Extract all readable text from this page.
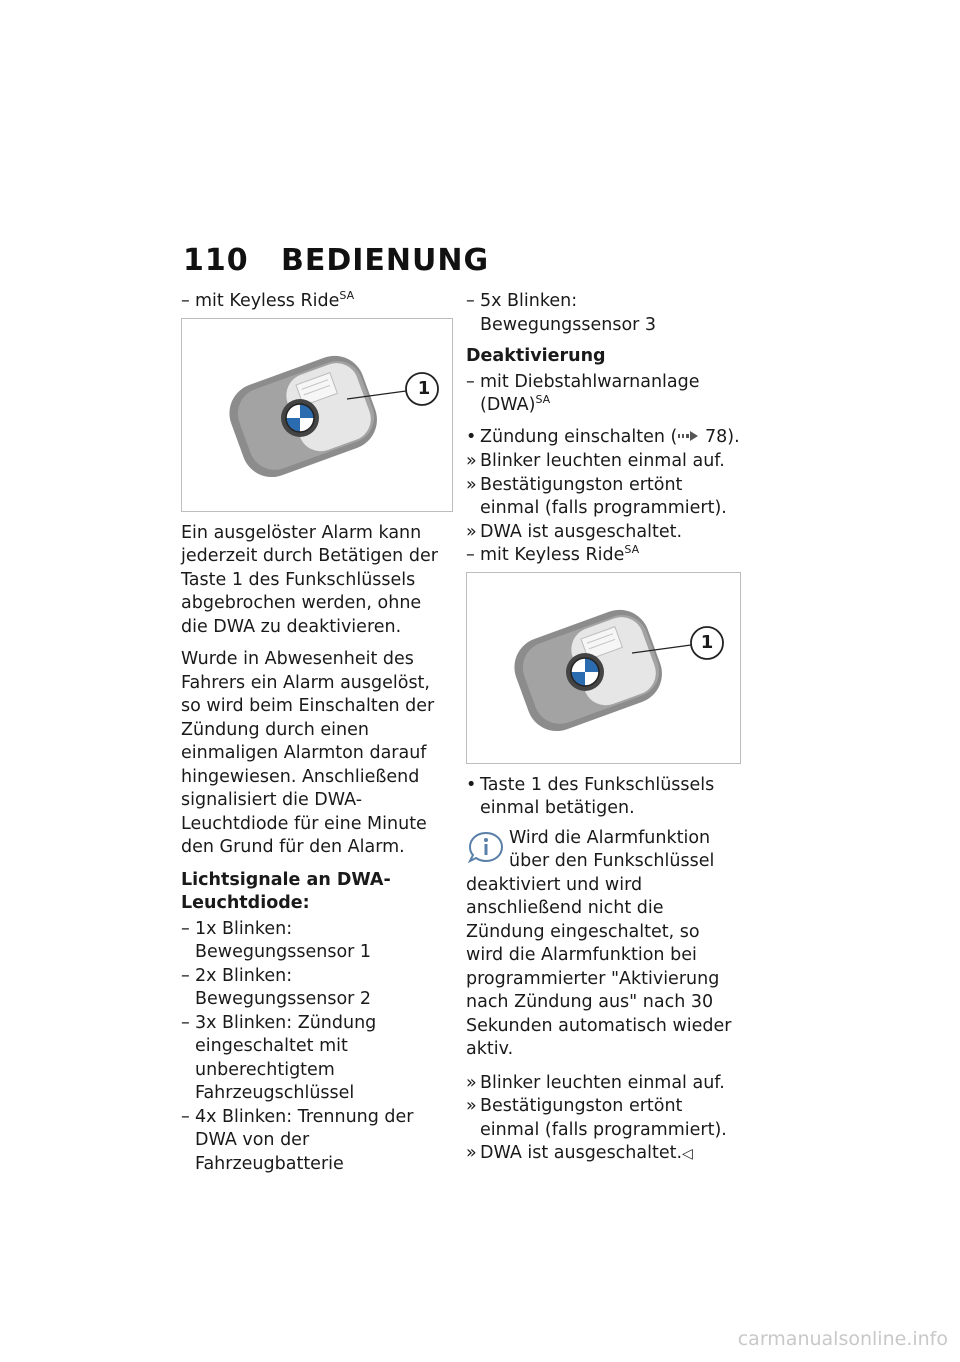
110 BEDIENUNG
– mit Keyless Ride$^{SA}$
1

Ein ausgelöster Alarm kann jederzeit durch Betätigen der Taste 1 des Funkschlüssels abgebrochen werden, ohne die DWA zu deaktivieren.

Wurde in Abwesenheit des Fahrers ein Alarm ausgelöst, so wird beim Einschalten der Zündung durch einen einmaligen Alarmton darauf hingewiesen. Anschließend signalisiert die DWA-Leuchtdiode für eine Minute den Grund für den Alarm.

Lichtsignale an DWA-Leuchtdiode:
– 1x Blinken: Bewegungssensor 1
– 2x Blinken: Bewegungssensor 2
– 3x Blinken: Zündung eingeschaltet mit unberechtigtem Fahrzeugschlüssel
– 4x Blinken: Trennung der DWA von der Fahrzeugbatterie
– 5x Blinken: Bewegungssensor 3
Deaktivierung
– mit Diebstahlwarnanlage (DWA)$^{SA}$
• Zündung einschalten ( 78).
» Blinker leuchten einmal auf.
» Bestätigungston ertönt einmal (falls programmiert).
» DWA ist ausgeschaltet.
– mit Keyless Ride$^{SA}$
1
• Taste 1 des Funkschlüssels einmal betätigen.
Wird die Alarmfunktion über den Funkschlüssel
deaktiviert und wird anschließend nicht die Zündung eingeschaltet, so wird die Alarmfunktion bei programmierter "Aktivierung nach Zündung aus" nach 30 Sekunden automatisch wieder aktiv.
» Blinker leuchten einmal auf.
» Bestätigungston ertönt einmal (falls programmiert).
» DWA ist ausgeschaltet.◁
carmanualsonline.info
